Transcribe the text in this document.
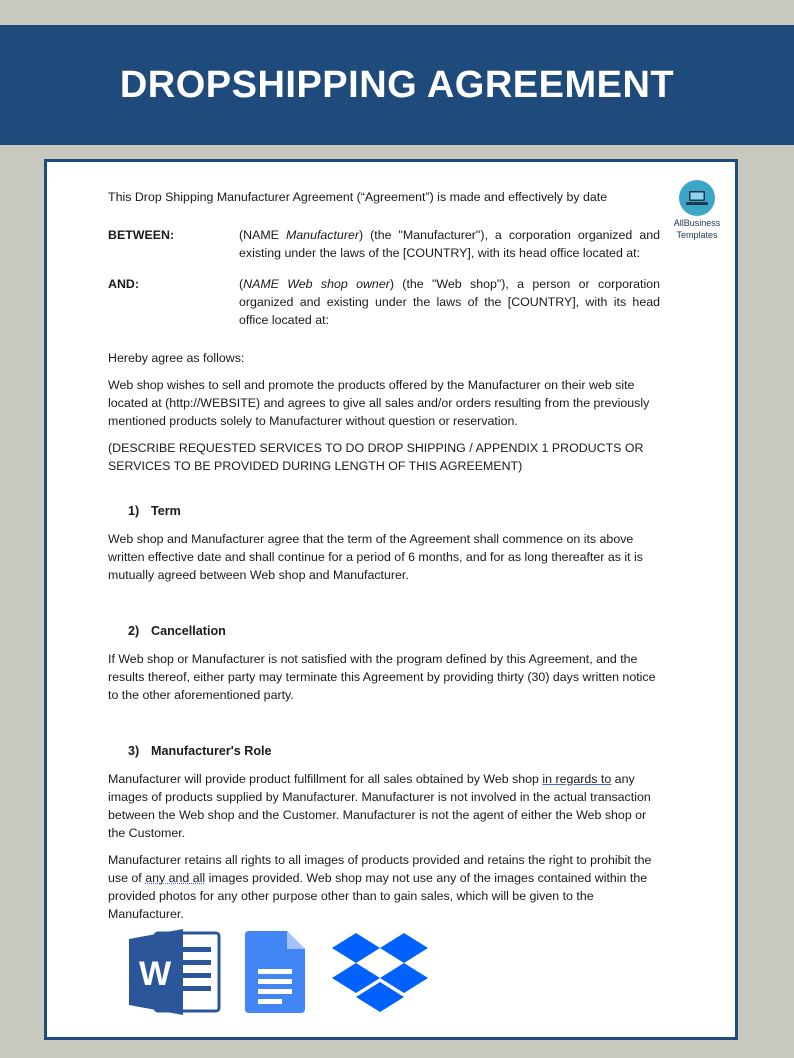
DROPSHIPPING AGREEMENT
AllBusiness
Templates

This Drop Shipping Manufacturer Agreement (“Agreement”) is made and effectively by date

BETWEEN:	(NAME Manufacturer) (the "Manufacturer"), a corporation organized and existing under the laws of the [COUNTRY], with its head office located at:
AND:	(NAME Web shop owner) (the "Web shop"), a person or corporation organized and existing under the laws of the [COUNTRY], with its head office located at:

Hereby agree as follows:

Web shop wishes to sell and promote the products offered by the Manufacturer on their web site located at (http://WEBSITE) and agrees to give all sales and/or orders resulting from the previously mentioned products solely to Manufacturer without question or reservation.

(DESCRIBE REQUESTED SERVICES TO DO DROP SHIPPING / APPENDIX 1 PRODUCTS OR SERVICES TO BE PROVIDED DURING LENGTH OF THIS AGREEMENT)

1) Term

Web shop and Manufacturer agree that the term of the Agreement shall commence on its above written effective date and shall continue for a period of 6 months, and for as long thereafter as it is mutually agreed between Web shop and Manufacturer.

2) Cancellation

If Web shop or Manufacturer is not satisfied with the program defined by this Agreement, and the results thereof, either party may terminate this Agreement by providing thirty (30) days written notice to the other aforementioned party.

3) Manufacturer's Role

Manufacturer will provide product fulfillment for all sales obtained by Web shop in regards to any images of products supplied by Manufacturer. Manufacturer is not involved in the actual transaction between the Web shop and the Customer. Manufacturer is not the agent of either the Web shop or the Customer.

Manufacturer retains all rights to all images of products provided and retains the right to prohibit the use of any and all images provided. Web shop may not use any of the images contained within the provided photos for any other purpose other than to gain sales, which will be given to the Manufacturer.

W
